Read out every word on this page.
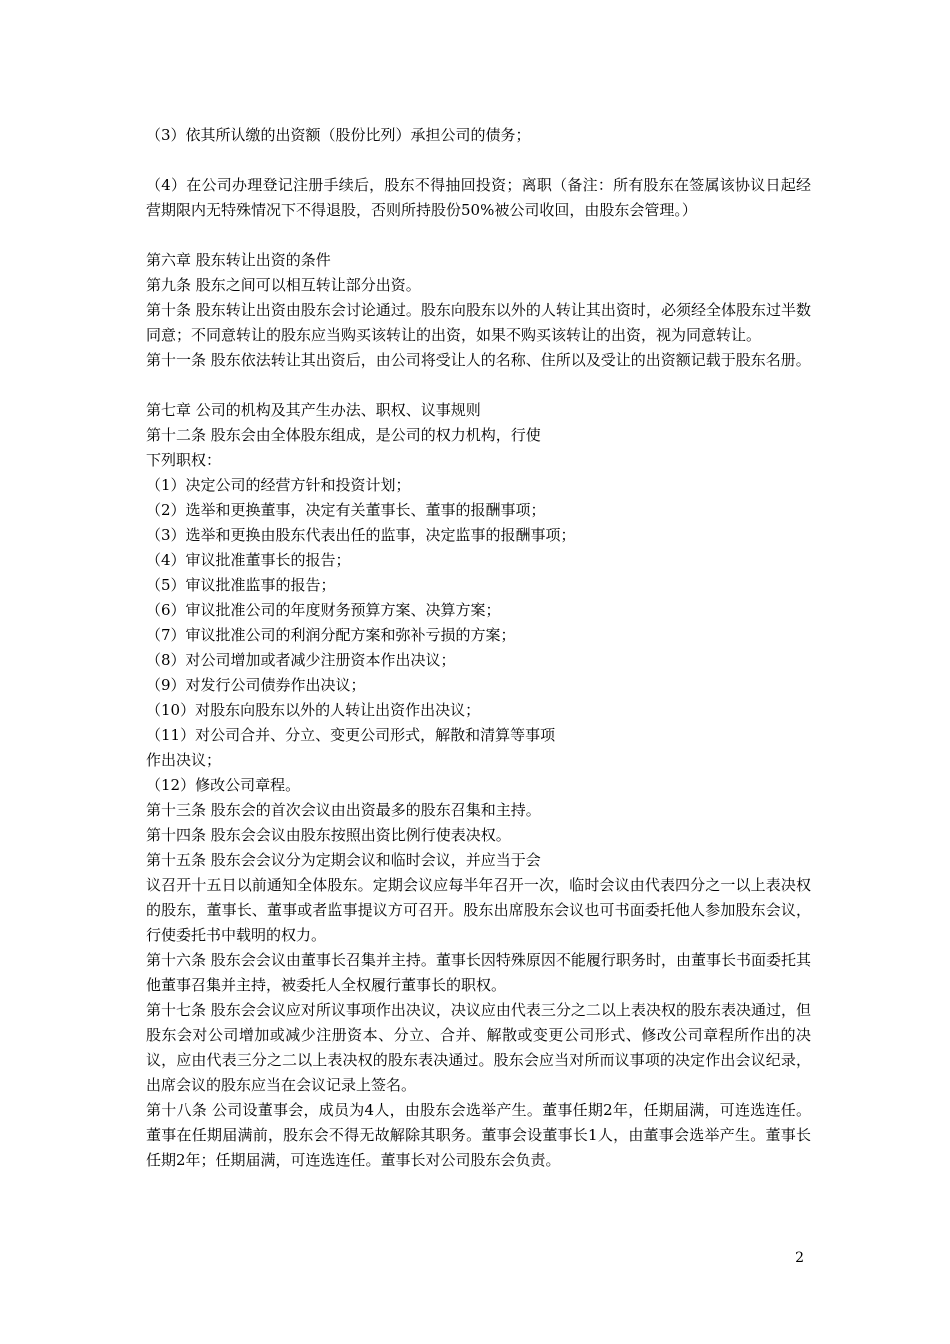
（3）依其所认缴的出资额（股份比列）承担公司的债务；

（4）在公司办理登记注册手续后，股东不得抽回投资；离职（备注：所有股东在签属该协议日起经营期限内无特殊情况下不得退股，否则所持股份50%被公司收回，由股东会管理。）

第六章 股东转让出资的条件

第九条 股东之间可以相互转让部分出资。

第十条 股东转让出资由股东会讨论通过。股东向股东以外的人转让其出资时，必须经全体股东过半数同意；不同意转让的股东应当购买该转让的出资，如果不购买该转让的出资，视为同意转让。

第十一条 股东依法转让其出资后，由公司将受让人的名称、住所以及受让的出资额记载于股东名册。

第七章 公司的机构及其产生办法、职权、议事规则

第十二条 股东会由全体股东组成，是公司的权力机构，行使

下列职权：

（1）决定公司的经营方针和投资计划；

（2）选举和更换董事，决定有关董事长、董事的报酬事项；

（3）选举和更换由股东代表出任的监事，决定监事的报酬事项；

（4）审议批准董事长的报告；

（5）审议批准监事的报告；

（6）审议批准公司的年度财务预算方案、决算方案；

（7）审议批准公司的利润分配方案和弥补亏损的方案；

（8）对公司增加或者减少注册资本作出决议；

（9）对发行公司债券作出决议；

（10）对股东向股东以外的人转让出资作出决议；

（11）对公司合并、分立、变更公司形式，解散和清算等事项

作出决议；

（12）修改公司章程。

第十三条 股东会的首次会议由出资最多的股东召集和主持。

第十四条 股东会会议由股东按照出资比例行使表决权。

第十五条 股东会会议分为定期会议和临时会议，并应当于会

议召开十五日以前通知全体股东。定期会议应每半年召开一次，临时会议由代表四分之一以上表决权的股东，董事长、董事或者监事提议方可召开。股东出席股东会议也可书面委托他人参加股东会议，行使委托书中载明的权力。

第十六条 股东会会议由董事长召集并主持。董事长因特殊原因不能履行职务时，由董事长书面委托其他董事召集并主持，被委托人全权履行董事长的职权。

第十七条 股东会会议应对所议事项作出决议，决议应由代表三分之二以上表决权的股东表决通过，但股东会对公司增加或减少注册资本、分立、合并、解散或变更公司形式、修改公司章程所作出的决议，应由代表三分之二以上表决权的股东表决通过。股东会应当对所而议事项的决定作出会议纪录，出席会议的股东应当在会议记录上签名。

第十八条 公司设董事会，成员为4人，由股东会选举产生。董事任期2年，任期届满，可连选连任。董事在任期届满前，股东会不得无故解除其职务。董事会设董事长1人，由董事会选举产生。董事长任期2年；任期届满，可连选连任。董事长对公司股东会负责。

2
